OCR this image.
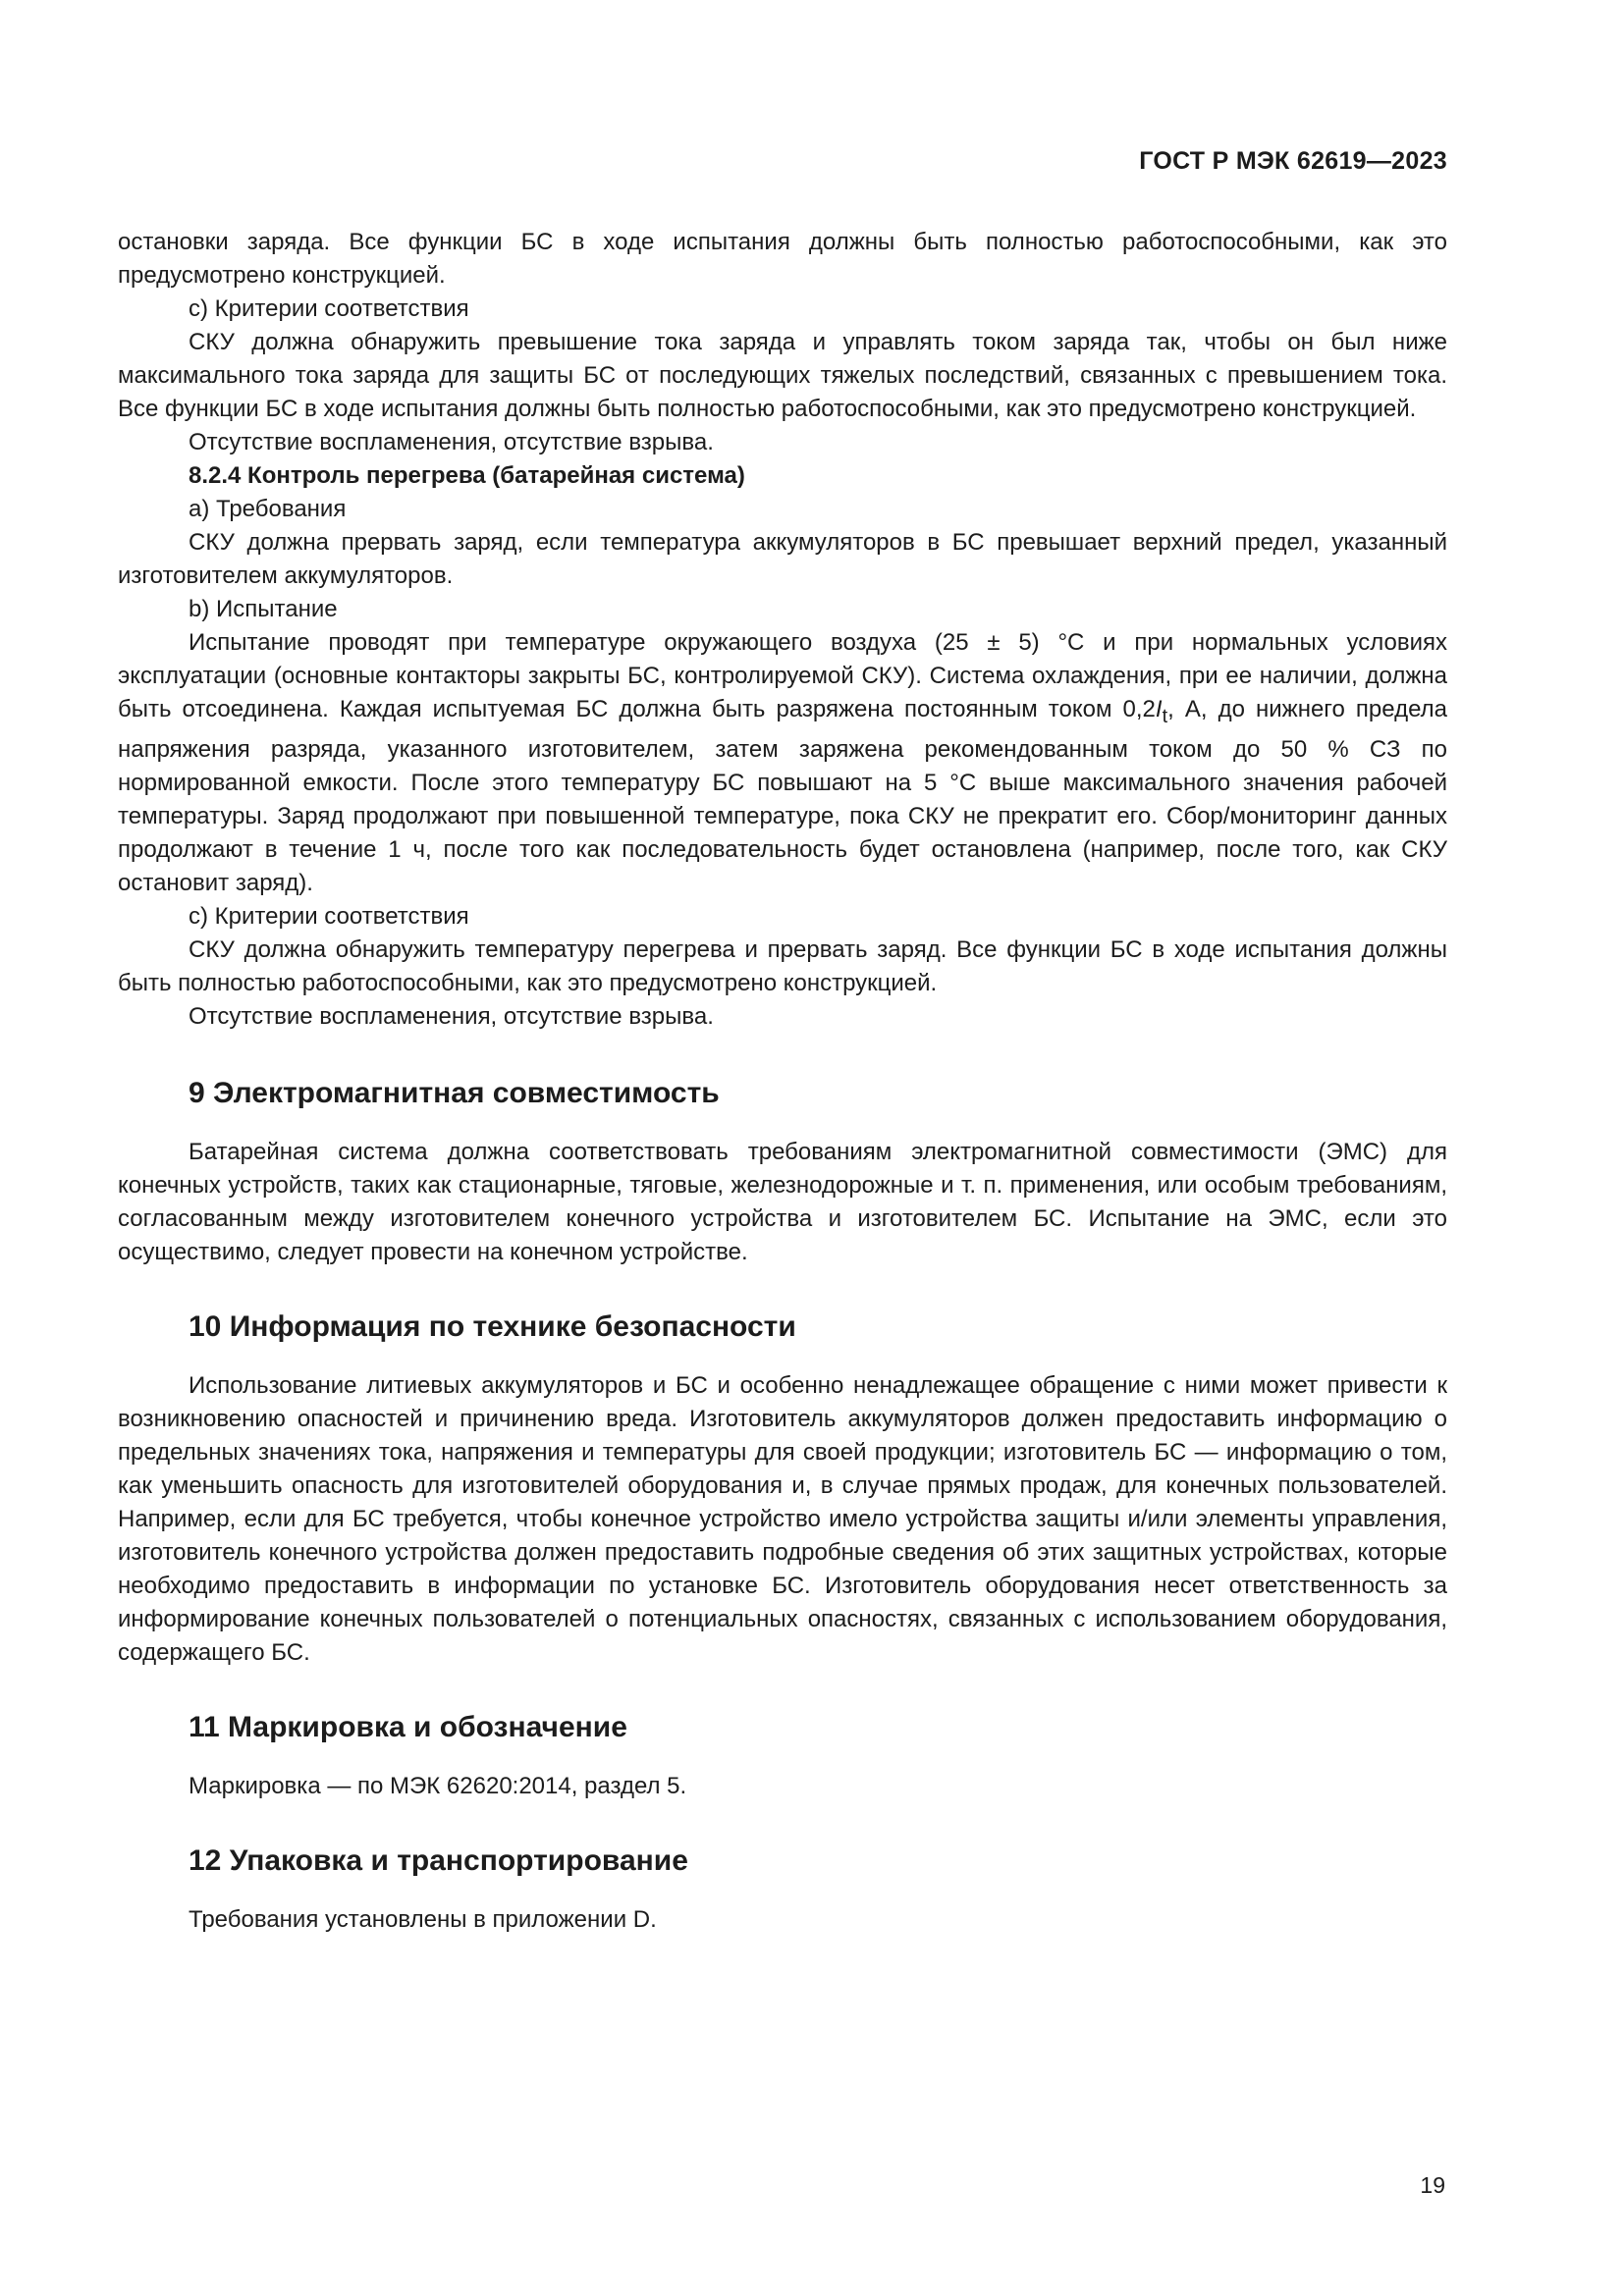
ГОСТ Р МЭК 62619—2023

остановки заряда. Все функции БС в ходе испытания должны быть полностью работоспособными, как это предусмотрено конструкцией.

c) Критерии соответствия

СКУ должна обнаружить превышение тока заряда и управлять током заряда так, чтобы он был ниже максимального тока заряда для защиты БС от последующих тяжелых последствий, связанных с превышением тока. Все функции БС в ходе испытания должны быть полностью работоспособными, как это предусмотрено конструкцией.

Отсутствие воспламенения, отсутствие взрыва.

8.2.4 Контроль перегрева (батарейная система)

a) Требования

СКУ должна прервать заряд, если температура аккумуляторов в БС превышает верхний предел, указанный изготовителем аккумуляторов.

b) Испытание

Испытание проводят при температуре окружающего воздуха (25 ± 5) °С и при нормальных условиях эксплуатации (основные контакторы закрыты БС, контролируемой СКУ). Система охлаждения, при ее наличии, должна быть отсоединена. Каждая испытуемая БС должна быть разряжена постоянным током $0,2I_t$, А, до нижнего предела напряжения разряда, указанного изготовителем, затем заряжена рекомендованным током до 50 % СЗ по нормированной емкости. После этого температуру БС повышают на 5 °С выше максимального значения рабочей температуры. Заряд продолжают при повышенной температуре, пока СКУ не прекратит его. Сбор/мониторинг данных продолжают в течение 1 ч, после того как последовательность будет остановлена (например, после того, как СКУ остановит заряд).

c) Критерии соответствия

СКУ должна обнаружить температуру перегрева и прервать заряд. Все функции БС в ходе испытания должны быть полностью работоспособными, как это предусмотрено конструкцией.

Отсутствие воспламенения, отсутствие взрыва.

9 Электромагнитная совместимость

Батарейная система должна соответствовать требованиям электромагнитной совместимости (ЭМС) для конечных устройств, таких как стационарные, тяговые, железнодорожные и т. п. применения, или особым требованиям, согласованным между изготовителем конечного устройства и изготовителем БС. Испытание на ЭМС, если это осуществимо, следует провести на конечном устройстве.

10 Информация по технике безопасности

Использование литиевых аккумуляторов и БС и особенно ненадлежащее обращение с ними может привести к возникновению опасностей и причинению вреда. Изготовитель аккумуляторов должен предоставить информацию о предельных значениях тока, напряжения и температуры для своей продукции; изготовитель БС — информацию о том, как уменьшить опасность для изготовителей оборудования и, в случае прямых продаж, для конечных пользователей. Например, если для БС требуется, чтобы конечное устройство имело устройства защиты и/или элементы управления, изготовитель конечного устройства должен предоставить подробные сведения об этих защитных устройствах, которые необходимо предоставить в информации по установке БС. Изготовитель оборудования несет ответственность за информирование конечных пользователей о потенциальных опасностях, связанных с использованием оборудования, содержащего БС.

11 Маркировка и обозначение

Маркировка — по МЭК 62620:2014, раздел 5.

12 Упаковка и транспортирование

Требования установлены в приложении D.

19
